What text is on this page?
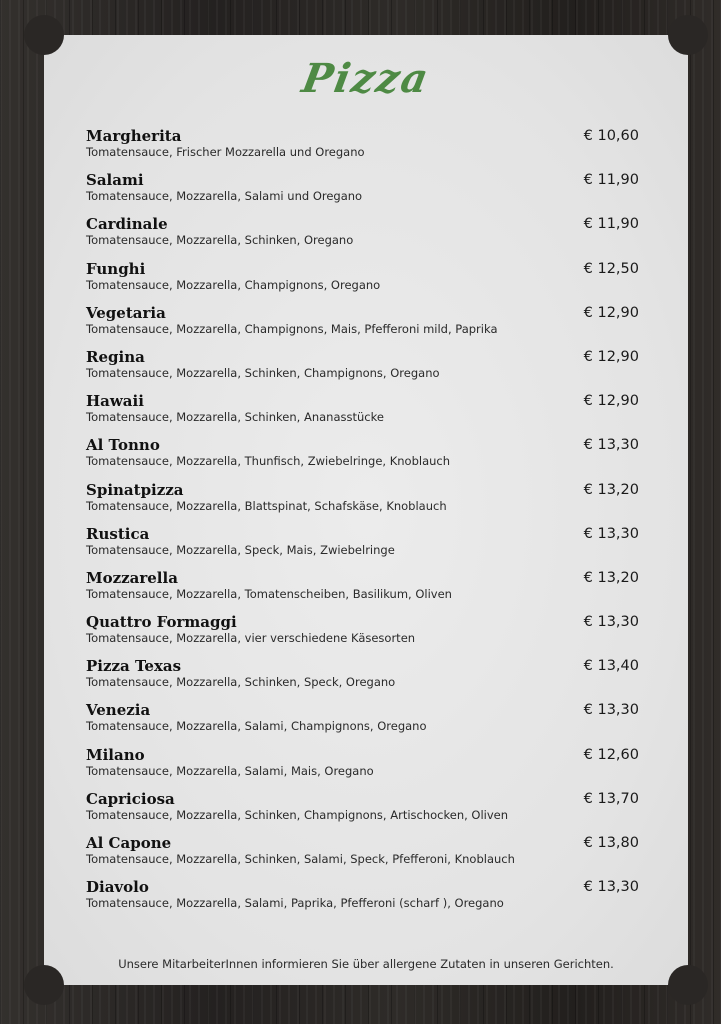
Pizza
Margherita
Tomatensauce, Frischer Mozzarella und Oregano
€ 10,60
Salami
Tomatensauce, Mozzarella, Salami und Oregano
€ 11,90
Cardinale
Tomatensauce, Mozzarella, Schinken, Oregano
€ 11,90
Funghi
Tomatensauce, Mozzarella, Champignons, Oregano
€ 12,50
Vegetaria
Tomatensauce, Mozzarella, Champignons, Mais, Pfefferoni mild, Paprika
€ 12,90
Regina
Tomatensauce, Mozzarella, Schinken, Champignons, Oregano
€ 12,90
Hawaii
Tomatensauce, Mozzarella, Schinken, Ananasstücke
€ 12,90
Al Tonno
Tomatensauce, Mozzarella, Thunfisch, Zwiebelringe, Knoblauch
€ 13,30
Spinatpizza
Tomatensauce, Mozzarella, Blattspinat, Schafskäse, Knoblauch
€ 13,20
Rustica
Tomatensauce, Mozzarella, Speck, Mais, Zwiebelringe
€ 13,30
Mozzarella
Tomatensauce, Mozzarella, Tomatenscheiben, Basilikum, Oliven
€ 13,20
Quattro Formaggi
Tomatensauce, Mozzarella, vier verschiedene Käsesorten
€ 13,30
Pizza Texas
Tomatensauce, Mozzarella, Schinken, Speck, Oregano
€ 13,40
Venezia
Tomatensauce, Mozzarella, Salami, Champignons, Oregano
€ 13,30
Milano
Tomatensauce, Mozzarella, Salami, Mais, Oregano
€ 12,60
Capriciosa
Tomatensauce, Mozzarella, Schinken, Champignons, Artischocken, Oliven
€ 13,70
Al Capone
Tomatensauce, Mozzarella, Schinken, Salami, Speck, Pfefferoni, Knoblauch
€ 13,80
Diavolo
Tomatensauce, Mozzarella, Salami, Paprika, Pfefferoni (scharf ), Oregano
€ 13,30
Unsere MitarbeiterInnen informieren Sie über allergene Zutaten in unseren Gerichten.
